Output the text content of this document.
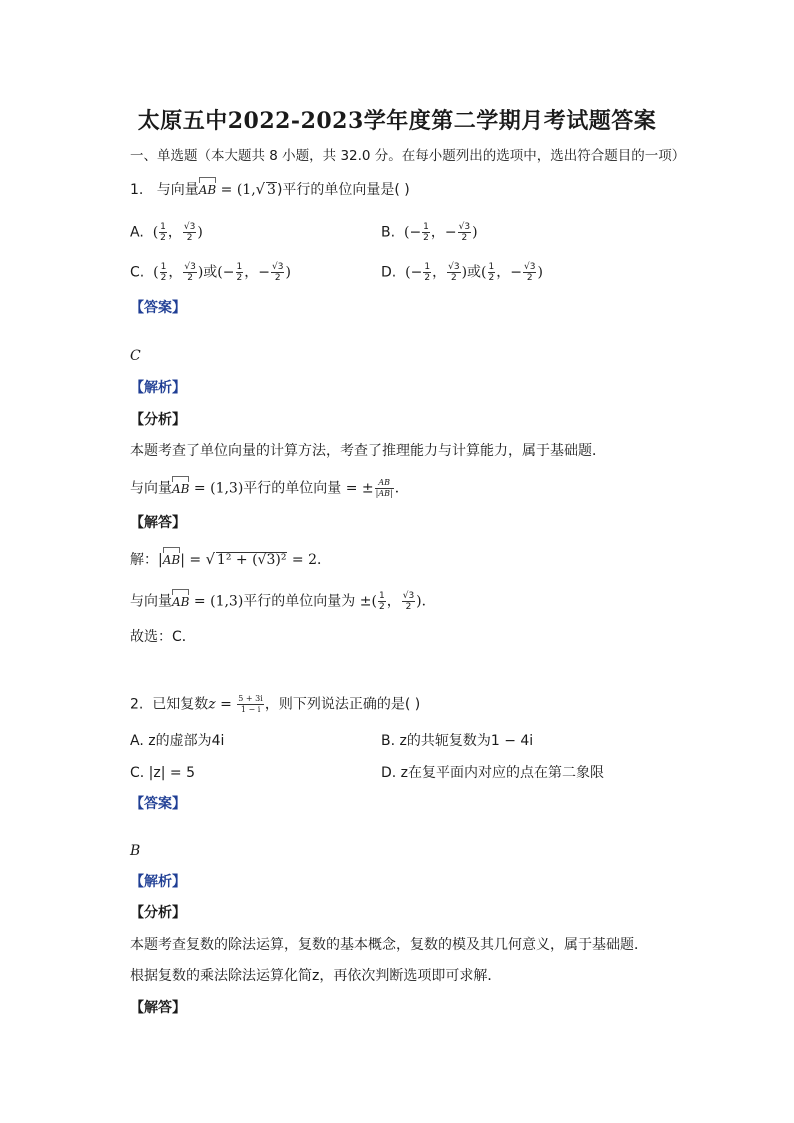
太原五中2022-2023学年度第二学期月考试题答案
一、单选题（本大题共 8 小题，共 32.0 分。在每小题列出的选项中，选出符合题目的一项）
1. 与向量AB = (1,√ 3)平行的单位向量是( )
A. ( $\frac{1}{2}$ ， $\frac{√3}{2}$ )	B. (− $\frac{1}{2}$ ，− $\frac{√3}{2}$ )
C. ( $\frac{1}{2}$ ， $\frac{√3}{2}$ )或(− $\frac{1}{2}$ ，− $\frac{√3}{2}$ )	D. (− $\frac{1}{2}$ ， $\frac{√3}{2}$ )或( $\frac{1}{2}$ ，− $\frac{√3}{2}$ )
【答案】
C
【解析】
【分析】
本题考查了单位向量的计算方法，考查了推理能力与计算能力，属于基础题．
与向量AB = (1,3)平行的单位向量 = ± $\frac{AB}{|AB|}$ ．
【解答】
解：|AB| = √ 1² + (√3)² = 2．
与向量AB = (1,3)平行的单位向量为 ±( $\frac{1}{2}$ ， $\frac{√3}{2}$ )．
故选：C．
2. 已知复数$z = \frac{5 + 3i}{1 - i}$ ，则下列说法正确的是( )
A. z的虚部为4i	B. z的共轭复数为1 − 4i
C. |z| = 5	D. z在复平面内对应的点在第二象限
【答案】
B
【解析】
【分析】
本题考查复数的除法运算，复数的基本概念，复数的模及其几何意义，属于基础题．
根据复数的乘法除法运算化简z，再依次判断选项即可求解．
【解答】
